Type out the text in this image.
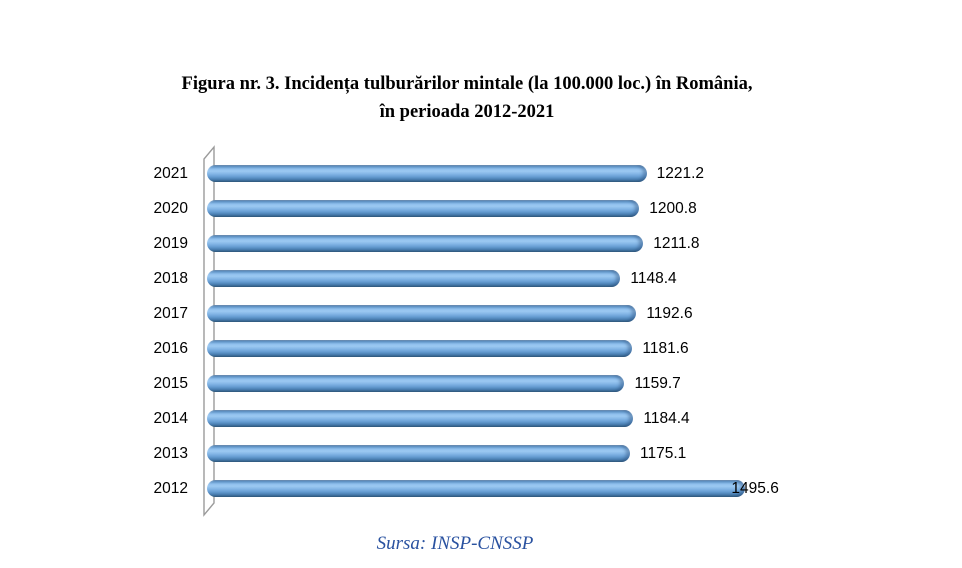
Figura nr. 3. Incidența tulburărilor mintale (la 100.000 loc.) în România,
în perioada 2012-2021
2021	1221.2
2020	1200.8
2019	1211.8
2018	1148.4
2017	1192.6
2016	1181.6
2015	1159.7
2014	1184.4
2013	1175.1
2012	1495.6
Sursa: INSP-CNSSP
